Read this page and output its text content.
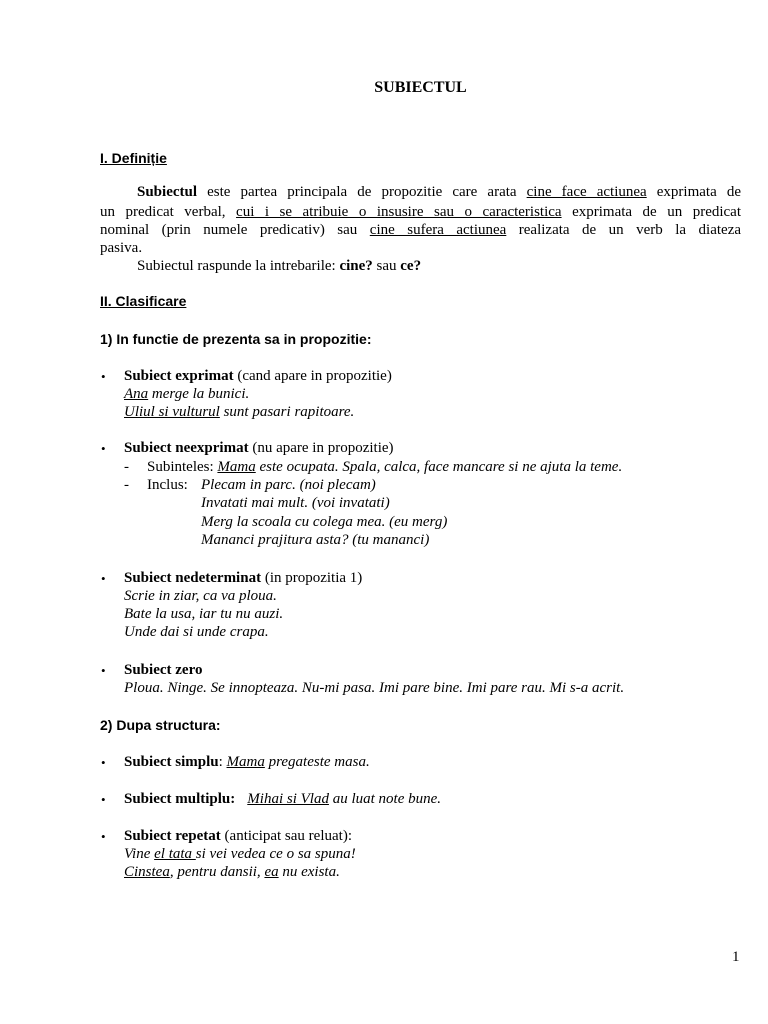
SUBIECTUL
I. Definiție
Subiectul este partea principala de propozitie care arata cine face actiunea exprimata de
un predicat verbal, cui i se atribuie o insusire sau o caracteristica exprimata de un predicat
nominal (prin numele predicativ) sau cine sufera actiunea realizata de un verb la diateza
pasiva.
Subiectul raspunde la intrebarile: cine? sau ce?
II. Clasificare
1) In functie de prezenta sa in propozitie:
• Subiect exprimat (cand apare in propozitie)
Ana merge la bunici.
Uliul si vulturul sunt pasari rapitoare.
• Subiect neexprimat (nu apare in propozitie)
- Subinteles: Mama este ocupata. Spala, calca, face mancare si ne ajuta la teme.
- Inclus: Plecam in parc. (noi plecam)
Invatati mai mult. (voi invatati)
Merg la scoala cu colega mea. (eu merg)
Mananci prajitura asta? (tu mananci)
• Subiect nedeterminat (in propozitia 1)
Scrie in ziar, ca va ploua.
Bate la usa, iar tu nu auzi.
Unde dai si unde crapa.
• Subiect zero
Ploua. Ninge. Se innopteaza. Nu-mi pasa. Imi pare bine. Imi pare rau. Mi s-a acrit.
2) Dupa structura:
• Subiect simplu: Mama pregateste masa.
• Subiect multiplu: Mihai si Vlad au luat note bune.
• Subiect repetat (anticipat sau reluat):
Vine el tata si vei vedea ce o sa spuna!
Cinstea, pentru dansii, ea nu exista.
1
